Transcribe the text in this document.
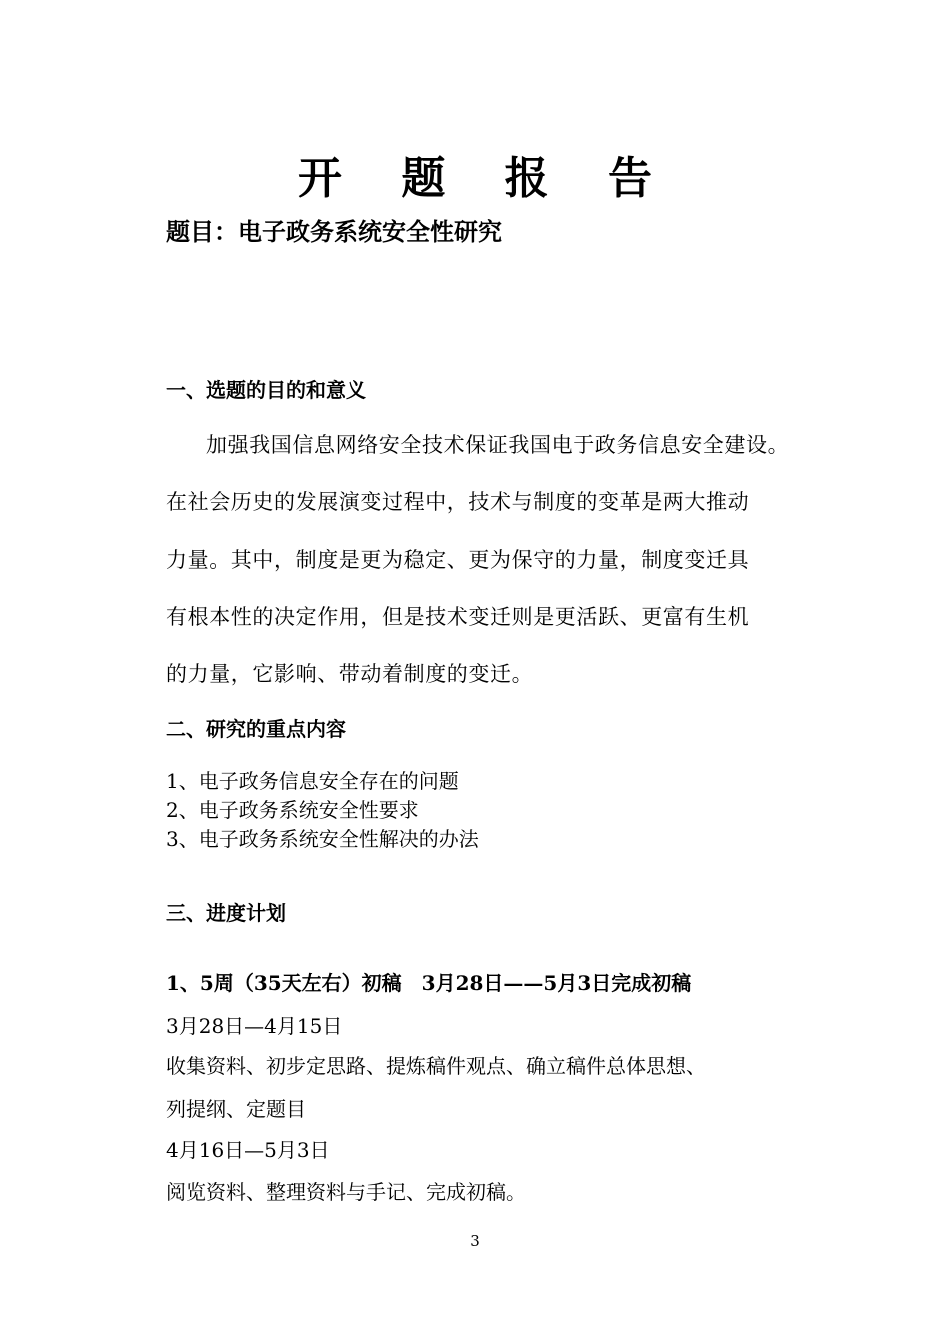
开 题 报 告
题目：电子政务系统安全性研究
一、选题的目的和意义
加强我国信息网络安全技术保证我国电于政务信息安全建设。
在社会历史的发展演变过程中，技术与制度的变革是两大推动
力量。其中，制度是更为稳定、更为保守的力量，制度变迁具
有根本性的决定作用，但是技术变迁则是更活跃、更富有生机
的力量，它影响、带动着制度的变迁。
二、研究的重点内容
1、电子政务信息安全存在的问题
2、电子政务系统安全性要求
3、电子政务系统安全性解决的办法
三、进度计划
1、5周（35天左右）初稿　3月28日——5月3日完成初稿
3月28日—4月15日
收集资料、初步定思路、提炼稿件观点、确立稿件总体思想、
列提纲、定题目
4月16日—5月3日
阅览资料、整理资料与手记、完成初稿。
3
